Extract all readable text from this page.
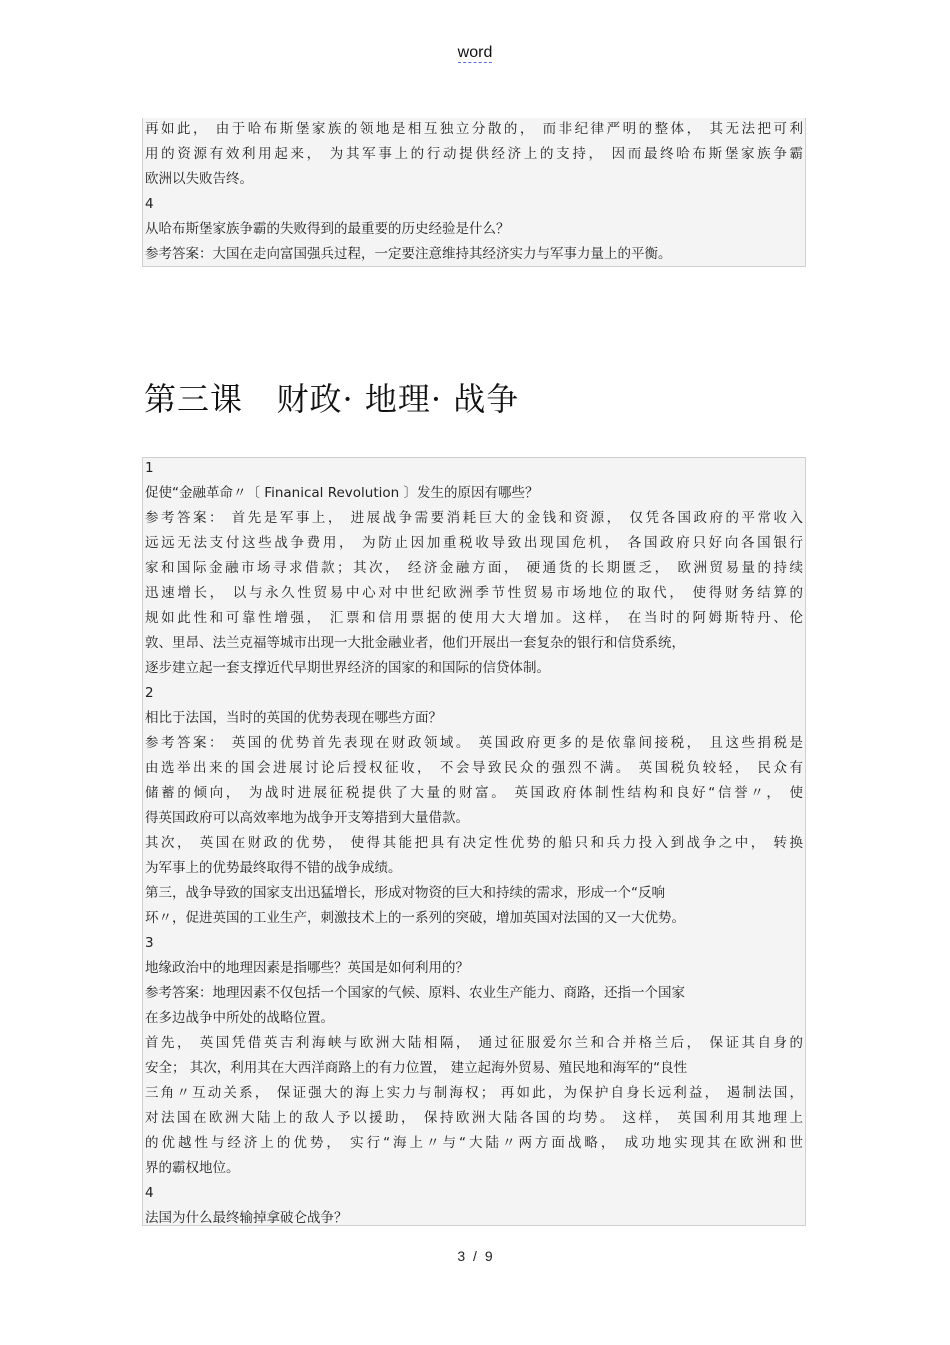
word
再如此， 由于哈布斯堡家族的领地是相互独立分散的， 而非纪律严明的整体， 其无法把可利
用的资源有效利用起来， 为其军事上的行动提供经济上的支持， 因而最终哈布斯堡家族争霸
欧洲以失败告终。
4
从哈布斯堡家族争霸的失败得到的最重要的历史经验是什么？
参考答案：大国在走向富国强兵过程，一定要注意维持其经济实力与军事力量上的平衡。
第三课   财政· 地理· 战争
1
促使“金融革命〃〔 Finanical Revolution 〕发生的原因有哪些？
参考答案： 首先是军事上， 进展战争需要消耗巨大的金钱和资源， 仅凭各国政府的平常收入
远远无法支付这些战争费用， 为防止因加重税收导致出现国危机， 各国政府只好向各国银行
家和国际金融市场寻求借款；其次， 经济金融方面， 硬通货的长期匮乏， 欧洲贸易量的持续
迅速增长， 以与永久性贸易中心对中世纪欧洲季节性贸易市场地位的取代， 使得财务结算的
规如此性和可靠性增强， 汇票和信用票据的使用大大增加。这样， 在当时的阿姆斯特丹、伦
敦、里昂、法兰克福等城市出现一大批金融业者，他们开展出一套复杂的银行和信贷系统，
逐步建立起一套支撑近代早期世界经济的国家的和国际的信贷体制。
2
相比于法国，当时的英国的优势表现在哪些方面？
参考答案： 英国的优势首先表现在财政领域。 英国政府更多的是依靠间接税， 且这些捐税是
由选举出来的国会进展讨论后授权征收， 不会导致民众的强烈不满。 英国税负较轻， 民众有
储蓄的倾向， 为战时进展征税提供了大量的财富。 英国政府体制性结构和良好“信誉〃， 使
得英国政府可以高效率地为战争开支筹措到大量借款。
其次， 英国在财政的优势， 使得其能把具有决定性优势的船只和兵力投入到战争之中， 转换
为军事上的优势最终取得不错的战争成绩。
第三，战争导致的国家支出迅猛增长，形成对物资的巨大和持续的需求，形成一个“反响
环〃，促进英国的工业生产，刺激技术上的一系列的突破，增加英国对法国的又一大优势。
3
地缘政治中的地理因素是指哪些？英国是如何利用的？
参考答案：地理因素不仅包括一个国家的气候、原料、农业生产能力、商路，还指一个国家
在多边战争中所处的战略位置。
首先， 英国凭借英吉利海峡与欧洲大陆相隔， 通过征服爱尔兰和合并格兰后， 保证其自身的
安全； 其次，利用其在大西洋商路上的有力位置， 建立起海外贸易、殖民地和海军的“良性
三角〃互动关系， 保证强大的海上实力与制海权； 再如此，为保护自身长远利益， 遏制法国，
对法国在欧洲大陆上的敌人予以援助， 保持欧洲大陆各国的均势。 这样， 英国利用其地理上
的优越性与经济上的优势， 实行“海上〃与“大陆〃两方面战略， 成功地实现其在欧洲和世
界的霸权地位。
4
法国为什么最终输掉拿破仑战争？
3 / 9
